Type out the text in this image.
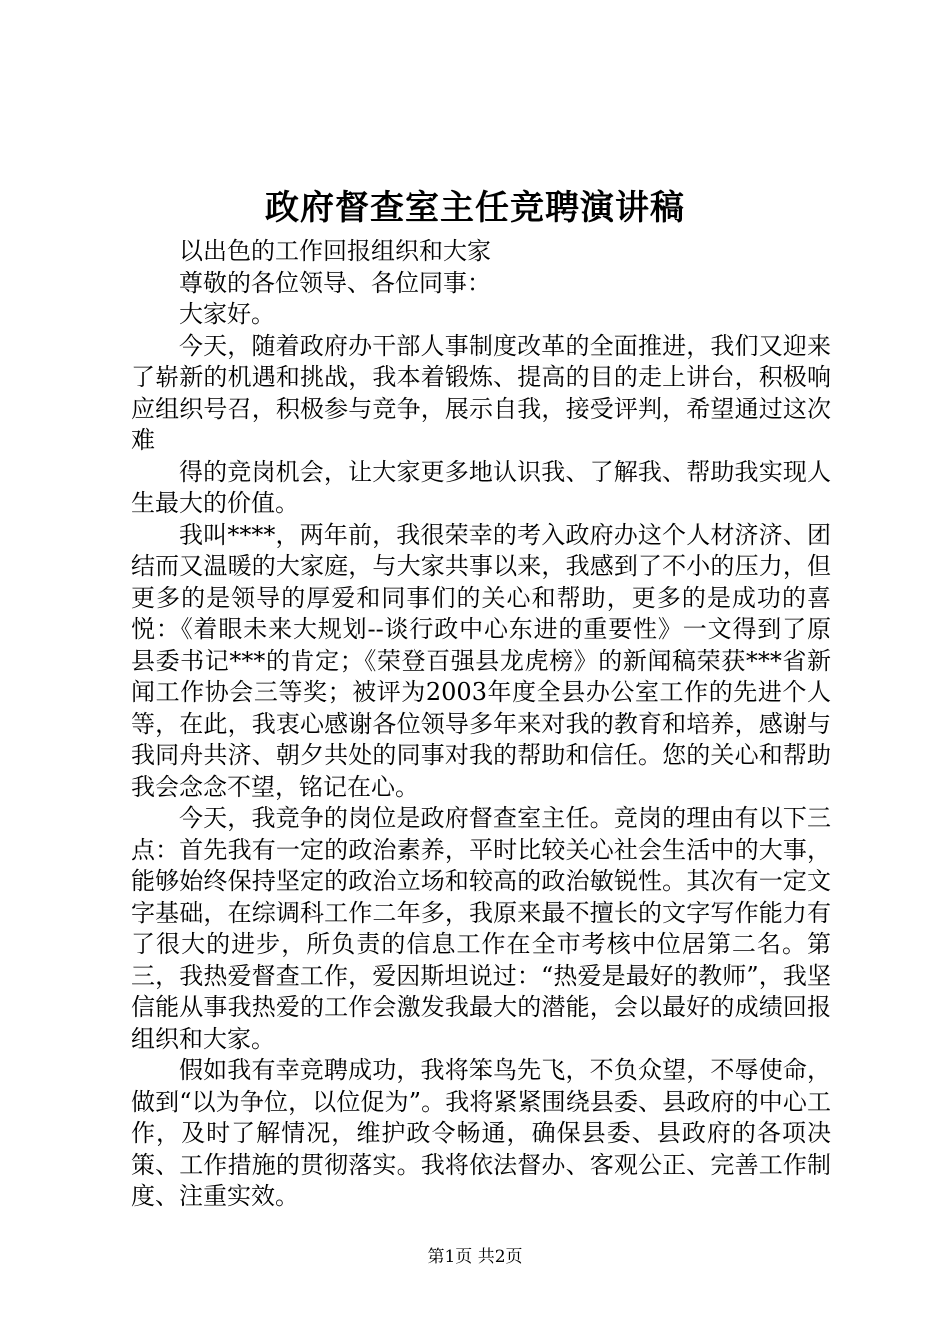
政府督查室主任竞聘演讲稿

以出色的工作回报组织和大家

尊敬的各位领导、各位同事：

大家好。

今天，随着政府办干部人事制度改革的全面推进，我们又迎来了崭新的机遇和挑战，我本着锻炼、提高的目的走上讲台，积极响应组织号召，积极参与竞争，展示自我，接受评判，希望通过这次难

得的竞岗机会，让大家更多地认识我、了解我、帮助我实现人生最大的价值。

我叫****，两年前，我很荣幸的考入政府办这个人材济济、团结而又温暖的大家庭，与大家共事以来，我感到了不小的压力，但更多的是领导的厚爱和同事们的关心和帮助，更多的是成功的喜悦：《着眼未来大规划--谈行政中心东进的重要性》一文得到了原县委书记***的肯定；《荣登百强县龙虎榜》的新闻稿荣获***省新闻工作协会三等奖；被评为2003年度全县办公室工作的先进个人等，在此，我衷心感谢各位领导多年来对我的教育和培养，感谢与我同舟共济、朝夕共处的同事对我的帮助和信任。您的关心和帮助我会念念不望，铭记在心。

今天，我竞争的岗位是政府督查室主任。竞岗的理由有以下三点：首先我有一定的政治素养，平时比较关心社会生活中的大事，能够始终保持坚定的政治立场和较高的政治敏锐性。其次有一定文字基础，在综调科工作二年多，我原来最不擅长的文字写作能力有了很大的进步，所负责的信息工作在全市考核中位居第二名。第三，我热爱督查工作，爱因斯坦说过：“热爱是最好的教师”，我坚信能从事我热爱的工作会激发我最大的潜能，会以最好的成绩回报组织和大家。

假如我有幸竞聘成功，我将笨鸟先飞，不负众望，不辱使命，做到“以为争位，以位促为”。我将紧紧围绕县委、县政府的中心工作，及时了解情况，维护政令畅通，确保县委、县政府的各项决策、工作措施的贯彻落实。我将依法督办、客观公正、完善工作制度、注重实效。

第1页 共2页
